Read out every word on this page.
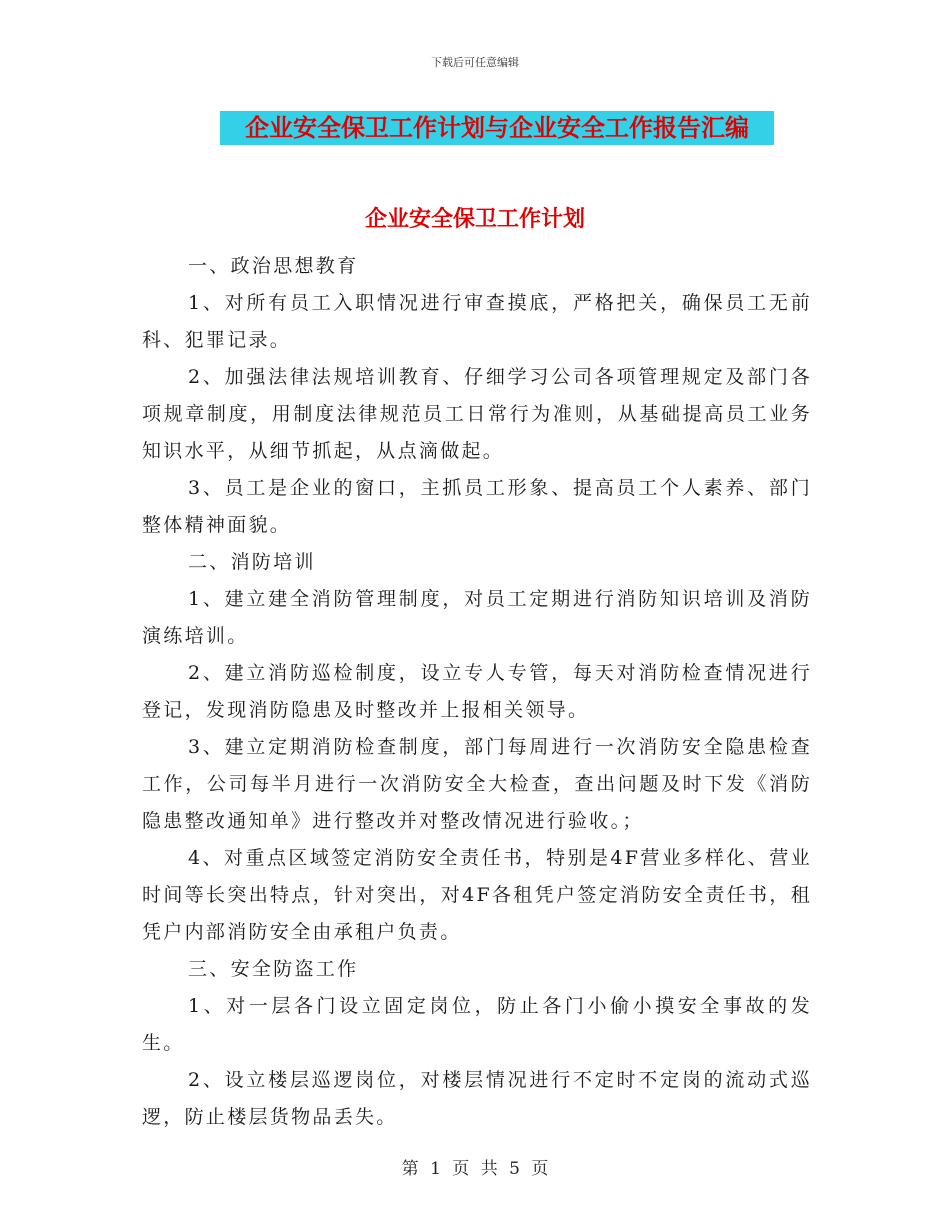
下载后可任意编辑
企业安全保卫工作计划与企业安全工作报告汇编
企业安全保卫工作计划

一、政治思想教育

1、对所有员工入职情况进行审查摸底，严格把关，确保员工无前科、犯罪记录。

2、加强法律法规培训教育、仔细学习公司各项管理规定及部门各项规章制度，用制度法律规范员工日常行为准则，从基础提高员工业务知识水平，从细节抓起，从点滴做起。

3、员工是企业的窗口，主抓员工形象、提高员工个人素养、部门整体精神面貌。

二、消防培训

1、建立建全消防管理制度，对员工定期进行消防知识培训及消防演练培训。

2、建立消防巡检制度，设立专人专管，每天对消防检查情况进行登记，发现消防隐患及时整改并上报相关领导。

3、建立定期消防检查制度，部门每周进行一次消防安全隐患检查工作，公司每半月进行一次消防安全大检查，查出问题及时下发《消防隐患整改通知单》进行整改并对整改情况进行验收。；

4、对重点区域签定消防安全责任书，特别是4F营业多样化、营业时间等长突出特点，针对突出，对4F各租凭户签定消防安全责任书，租凭户内部消防安全由承租户负责。

三、安全防盗工作

1、对一层各门设立固定岗位，防止各门小偷小摸安全事故的发生。

2、设立楼层巡逻岗位，对楼层情况进行不定时不定岗的流动式巡逻，防止楼层货物品丢失。

第 1 页 共 5 页
